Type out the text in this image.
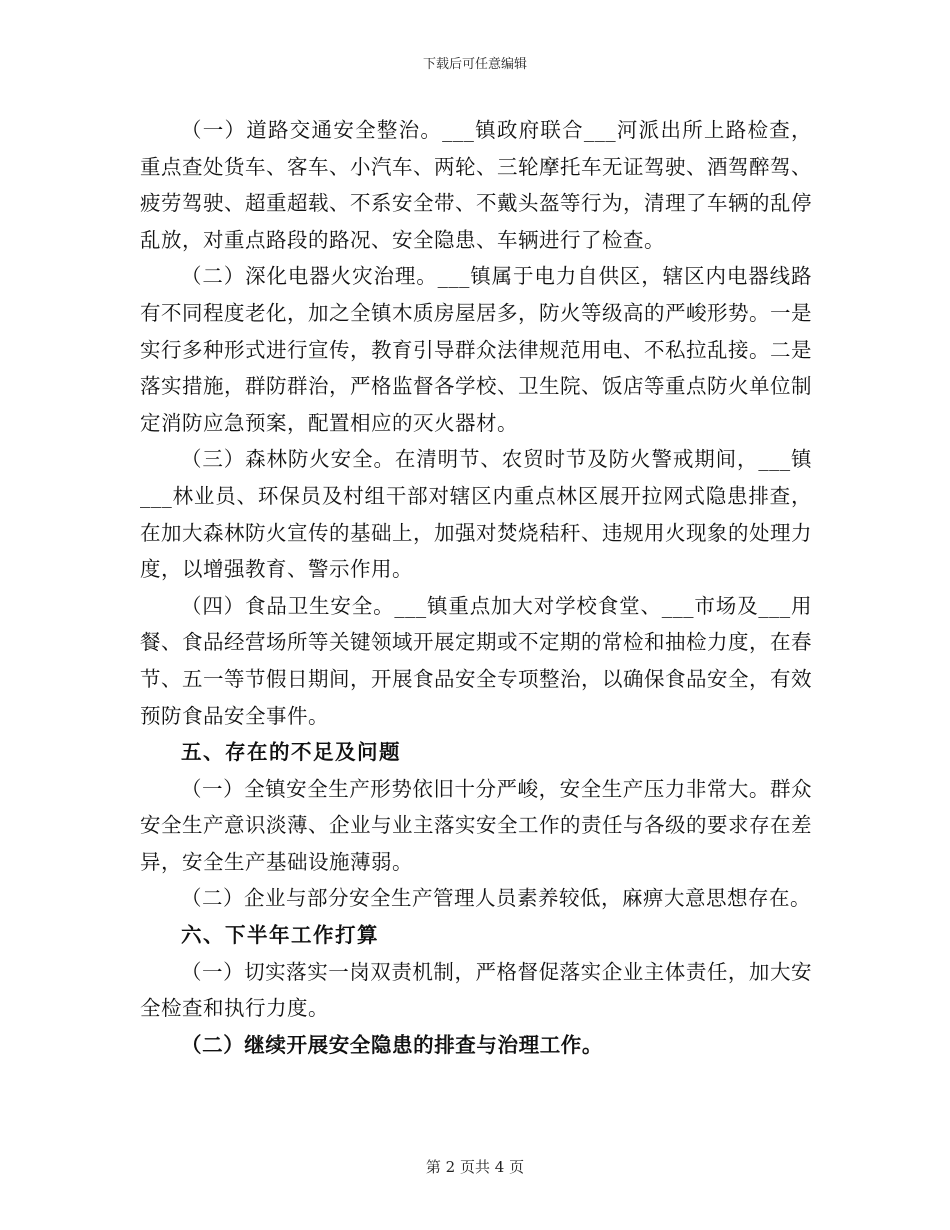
下载后可任意编辑

（一）道路交通安全整治。___镇政府联合___河派出所上路检查，重点查处货车、客车、小汽车、两轮、三轮摩托车无证驾驶、酒驾醉驾、疲劳驾驶、超重超载、不系安全带、不戴头盔等行为，清理了车辆的乱停乱放，对重点路段的路况、安全隐患、车辆进行了检查。

（二）深化电器火灾治理。___镇属于电力自供区，辖区内电器线路有不同程度老化，加之全镇木质房屋居多，防火等级高的严峻形势。一是实行多种形式进行宣传，教育引导群众法律规范用电、不私拉乱接。二是落实措施，群防群治，严格监督各学校、卫生院、饭店等重点防火单位制定消防应急预案，配置相应的灭火器材。

（三）森林防火安全。在清明节、农贸时节及防火警戒期间，___镇___林业员、环保员及村组干部对辖区内重点林区展开拉网式隐患排查，在加大森林防火宣传的基础上，加强对焚烧秸秆、违规用火现象的处理力度，以增强教育、警示作用。

（四）食品卫生安全。___镇重点加大对学校食堂、___市场及___用餐、食品经营场所等关键领域开展定期或不定期的常检和抽检力度，在春节、五一等节假日期间，开展食品安全专项整治，以确保食品安全，有效预防食品安全事件。

五、存在的不足及问题

（一）全镇安全生产形势依旧十分严峻，安全生产压力非常大。群众安全生产意识淡薄、企业与业主落实安全工作的责任与各级的要求存在差异，安全生产基础设施薄弱。

（二）企业与部分安全生产管理人员素养较低，麻痹大意思想存在。

六、下半年工作打算

（一）切实落实一岗双责机制，严格督促落实企业主体责任，加大安全检查和执行力度。

（二）继续开展安全隐患的排查与治理工作。

第 2 页共 4 页
